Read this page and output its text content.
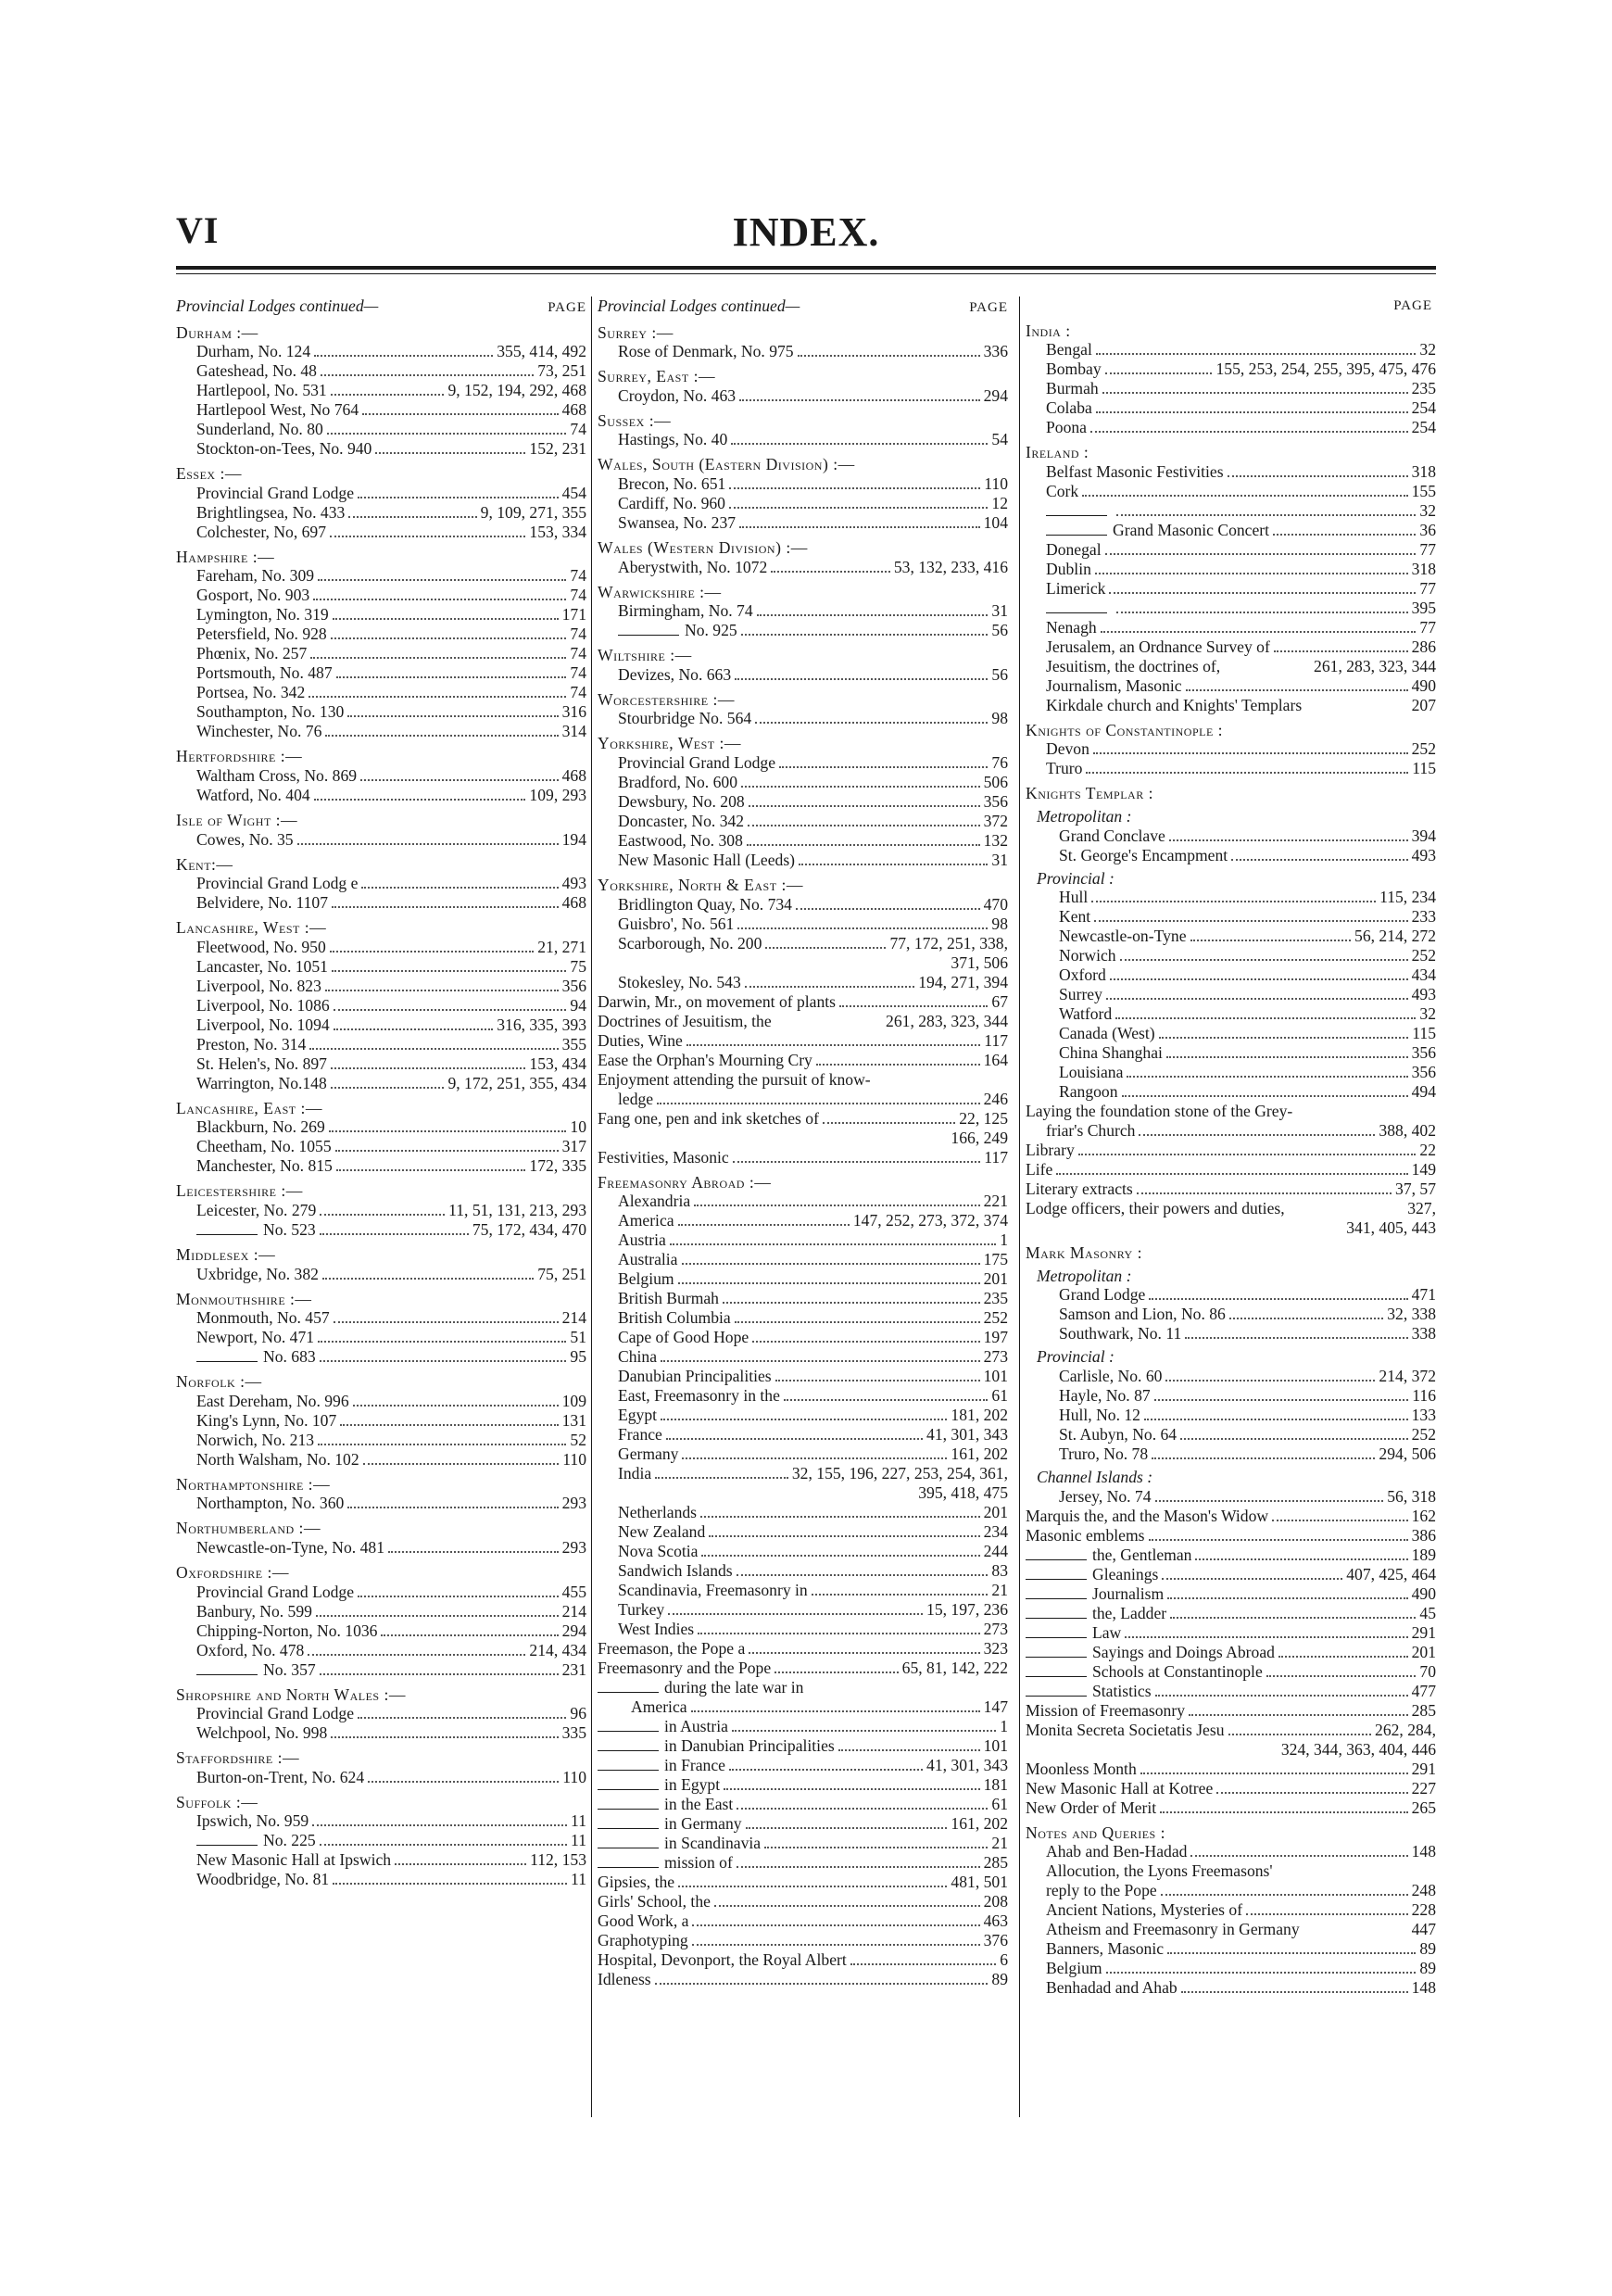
VI	INDEX.
Provincial Lodges continued—	PAGE
Durham :—
Durham, No. 124	355, 414, 492
Gateshead, No. 48	73, 251
Hartlepool, No. 531	9, 152, 194, 292, 468
Hartlepool West, No 764	468
Sunderland, No. 80	74
Stockton-on-Tees, No. 940	152, 231
Essex :—
Provincial Grand Lodge	454
Brightlingsea, No. 433	9, 109, 271, 355
Colchester, No, 697	153, 334
Hampshire :—
Fareham, No. 309	74
Gosport, No. 903	74
Lymington, No. 319	171
Petersfield, No. 928	74
Phœnix, No. 257	74
Portsmouth, No. 487	74
Portsea, No. 342	74
Southampton, No. 130	316
Winchester, No. 76	314
Hertfordshire :—
Waltham Cross, No. 869	468
Watford, No. 404	109, 293
Isle of Wight :—
Cowes, No. 35	194
Kent:—
Provincial Grand Lodg e	493
Belvidere, No. 1107	468
Lancashire, West :—
Fleetwood, No. 950	21, 271
Lancaster, No. 1051	75
Liverpool, No. 823	356
Liverpool, No. 1086	94
Liverpool, No. 1094	316, 335, 393
Preston, No. 314	355
St. Helen's, No. 897	153, 434
Warrington, No.148	9, 172, 251, 355, 434
Lancashire, East :—
Blackburn, No. 269	10
Cheetham, No. 1055	317
Manchester, No. 815	172, 335
Leicestershire :—
Leicester, No. 279	11, 51, 131, 213, 293
No. 523	75, 172, 434, 470
Middlesex :—
Uxbridge, No. 382	75, 251
Monmouthshire :—
Monmouth, No. 457	214
Newport, No. 471	51
No. 683	95
Norfolk :—
East Dereham, No. 996	109
King's Lynn, No. 107	131
Norwich, No. 213	52
North Walsham, No. 102	110
Northamptonshire :—
Northampton, No. 360	293
Northumberland :—
Newcastle-on-Tyne, No. 481	293
Oxfordshire :—
Provincial Grand Lodge	455
Banbury, No. 599	214
Chipping-Norton, No. 1036	294
Oxford, No. 478	214, 434
No. 357	231
Shropshire and North Wales :—
Provincial Grand Lodge	96
Welchpool, No. 998	335
Staffordshire :—
Burton-on-Trent, No. 624	110
Suffolk :—
Ipswich, No. 959	11
No. 225	11
New Masonic Hall at Ipswich	112, 153
Woodbridge, No. 81	11
Provincial Lodges continued—	PAGE
Surrey :—
Rose of Denmark, No. 975	336
Surrey, East :—
Croydon, No. 463	294
Sussex :—
Hastings, No. 40	54
Wales, South (Eastern Division) :—
Brecon, No. 651	110
Cardiff, No. 960	12
Swansea, No. 237	104
Wales (Western Division) :—
Aberystwith, No. 1072	53, 132, 233, 416
Warwickshire :—
Birmingham, No. 74	31
No. 925	56
Wiltshire :—
Devizes, No. 663	56
Worcestershire :—
Stourbridge No. 564	98
Yorkshire, West :—
Provincial Grand Lodge	76
Bradford, No. 600	506
Dewsbury, No. 208	356
Doncaster, No. 342	372
Eastwood, No. 308	132
New Masonic Hall (Leeds)	31
Yorkshire, North & East :—
Bridlington Quay, No. 734	470
Guisbro', No. 561	98
Scarborough, No. 200	77, 172, 251, 338,
371, 506
Stokesley, No. 543	194, 271, 394
Darwin, Mr., on movement of plants	67
Doctrines of Jesuitism, the	261, 283, 323, 344
Duties, Wine	117
Ease the Orphan's Mourning Cry	164
Enjoyment attending the pursuit of know-
ledge	246
Fang one, pen and ink sketches of	22, 125
166, 249
Festivities, Masonic	117
Freemasonry Abroad :—
Alexandria	221
America	147, 252, 273, 372, 374
Austria	1
Australia	175
Belgium	201
British Burmah	235
British Columbia	252
Cape of Good Hope	197
China	273
Danubian Principalities	101
East, Freemasonry in the	61
Egypt	181, 202
France	41, 301, 343
Germany	161, 202
India	32, 155, 196, 227, 253, 254, 361,
395, 418, 475
Netherlands	201
New Zealand	234
Nova Scotia	244
Sandwich Islands	83
Scandinavia, Freemasonry in	21
Turkey	15, 197, 236
West Indies	273
Freemason, the Pope a	323
Freemasonry and the Pope	65, 81, 142, 222
during the late war in
America	147
in Austria	1
in Danubian Principalities	101
in France	41, 301, 343
in Egypt	181
in the East	61
in Germany	161, 202
in Scandinavia	21
mission of	285
Gipsies, the	481, 501
Girls' School, the	208
Good Work, a	463
Graphotyping	376
Hospital, Devonport, the Royal Albert	6
Idleness	89
PAGE
India :
Bengal	32
Bombay	155, 253, 254, 255, 395, 475, 476
Burmah	235
Colaba	254
Poona	254
Ireland :
Belfast Masonic Festivities	318
Cork	155
32
Grand Masonic Concert	36
Donegal	77
Dublin	318
Limerick	77
395
Nenagh	77
Jerusalem, an Ordnance Survey of	286
Jesuitism, the doctrines of,	261, 283, 323, 344
Journalism, Masonic	490
Kirkdale church and Knights' Templars	207
Knights of Constantinople :
Devon	252
Truro	115
Knights Templar :
Metropolitan :
Grand Conclave	394
St. George's Encampment	493
Provincial :
Hull	115, 234
Kent	233
Newcastle-on-Tyne	56, 214, 272
Norwich	252
Oxford	434
Surrey	493
Watford	32
Canada (West)	115
China Shanghai	356
Louisiana	356
Rangoon	494
Laying the foundation stone of the Grey-
friar's Church	388, 402
Library	22
Life	149
Literary extracts	37, 57
Lodge officers, their powers and duties,	327,
341, 405, 443
Mark Masonry :
Metropolitan :
Grand Lodge	471
Samson and Lion, No. 86	32, 338
Southwark, No. 11	338
Provincial :
Carlisle, No. 60	214, 372
Hayle, No. 87	116
Hull, No. 12	133
St. Aubyn, No. 64	252
Truro, No. 78	294, 506
Channel Islands :
Jersey, No. 74	56, 318
Marquis the, and the Mason's Widow	162
Masonic emblems	386
the, Gentleman	189
Gleanings	407, 425, 464
Journalism	490
the, Ladder	45
Law	291
Sayings and Doings Abroad	201
Schools at Constantinople	70
Statistics	477
Mission of Freemasonry	285
Monita Secreta Societatis Jesu	262, 284,
324, 344, 363, 404, 446
Moonless Month	291
New Masonic Hall at Kotree	227
New Order of Merit	265
Notes and Queries :
Ahab and Ben-Hadad	148
Allocution, the Lyons Freemasons'
reply to the Pope	248
Ancient Nations, Mysteries of	228
Atheism and Freemasonry in Germany	447
Banners, Masonic	89
Belgium	89
Benhadad and Ahab	148
